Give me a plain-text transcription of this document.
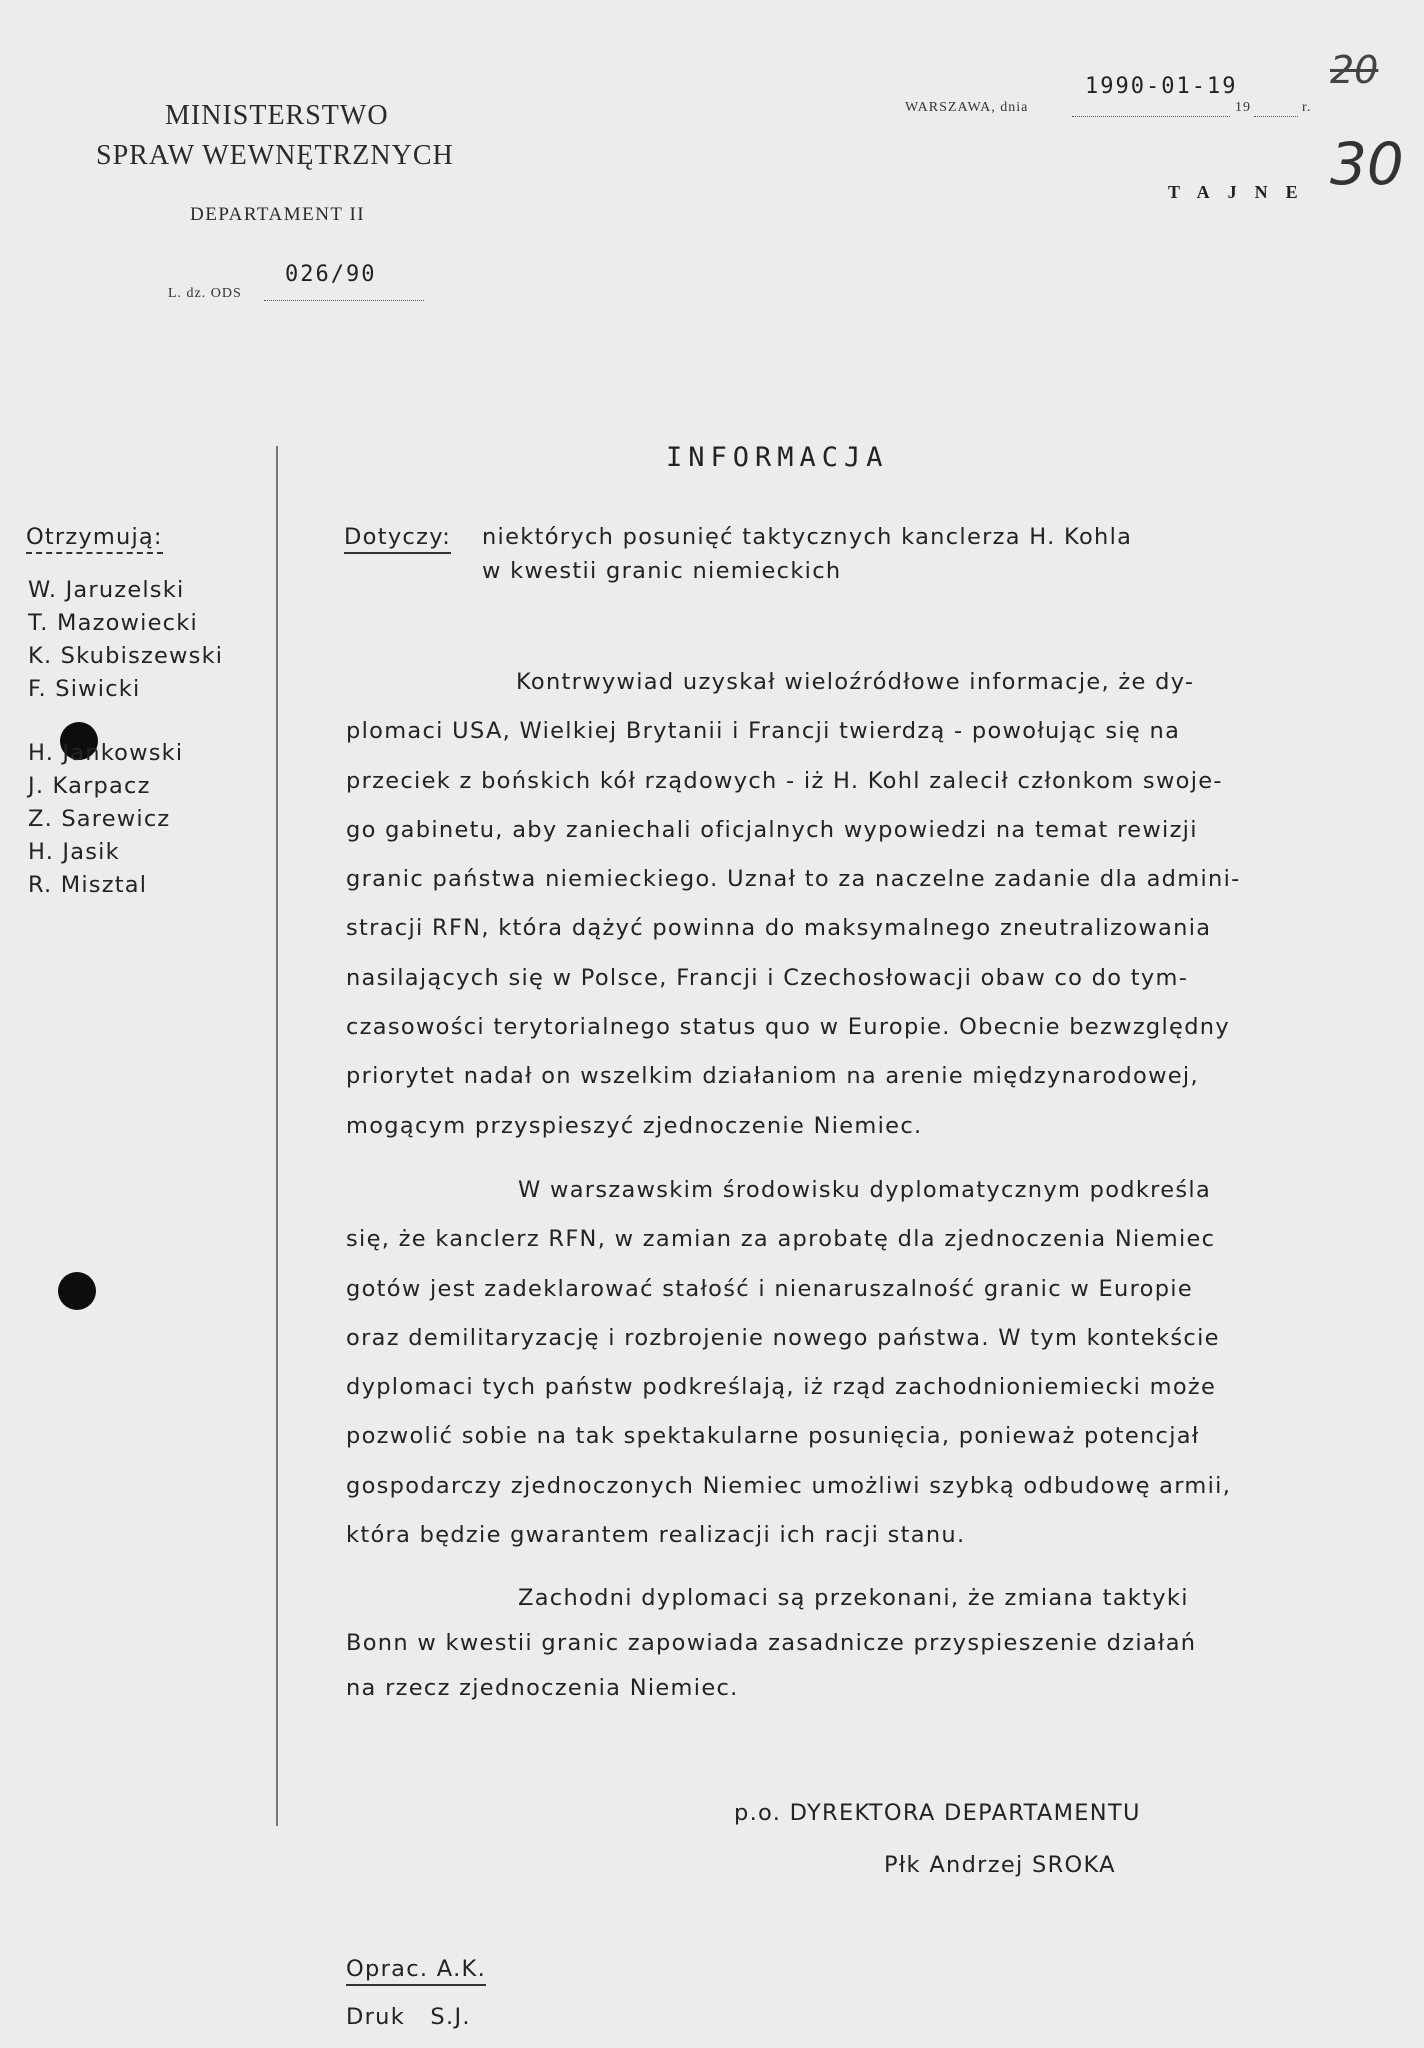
MINISTERSTWO
SPRAW WEWNĘTRZNYCH
DEPARTAMENT II
L. dz. ODS
026/90
WARSZAWA, dnia
1990-01-19
19	r.
20
30
TAJNE
INFORMACJA
Otrzymują:
W. Jaruzelski
T. Mazowiecki
K. Skubiszewski
F. Siwicki
H. Jankowski
J. Karpacz
Z. Sarewicz
H. Jasik
R. Misztal
Dotyczy: niektórych posunięć taktycznych kanclerza H. Kohla
w kwestii granic niemieckich
Kontrwywiad uzyskał wieloźródłowe informacje, że dy-
plomaci USA, Wielkiej Brytanii i Francji twierdzą - powołując się na
przeciek z bońskich kół rządowych - iż H. Kohl zalecił członkom swoje-
go gabinetu, aby zaniechali oficjalnych wypowiedzi na temat rewizji
granic państwa niemieckiego. Uznał to za naczelne zadanie dla admini-
stracji RFN, która dążyć powinna do maksymalnego zneutralizowania
nasilających się w Polsce, Francji i Czechosłowacji obaw co do tym-
czasowości terytorialnego status quo w Europie. Obecnie bezwzględny
priorytet nadał on wszelkim działaniom na arenie międzynarodowej,
mogącym przyspieszyć zjednoczenie Niemiec.
W warszawskim środowisku dyplomatycznym podkreśla
się, że kanclerz RFN, w zamian za aprobatę dla zjednoczenia Niemiec
gotów jest zadeklarować stałość i nienaruszalność granic w Europie
oraz demilitaryzację i rozbrojenie nowego państwa. W tym kontekście
dyplomaci tych państw podkreślają, iż rząd zachodnioniemiecki może
pozwolić sobie na tak spektakularne posunięcia, ponieważ potencjał
gospodarczy zjednoczonych Niemiec umożliwi szybką odbudowę armii,
która będzie gwarantem realizacji ich racji stanu.
Zachodni dyplomaci są przekonani, że zmiana taktyki
Bonn w kwestii granic zapowiada zasadnicze przyspieszenie działań
na rzecz zjednoczenia Niemiec.
p.o. DYREKTORA DEPARTAMENTU
Płk Andrzej SROKA
Oprac. A.K.
Druk   S.J.
